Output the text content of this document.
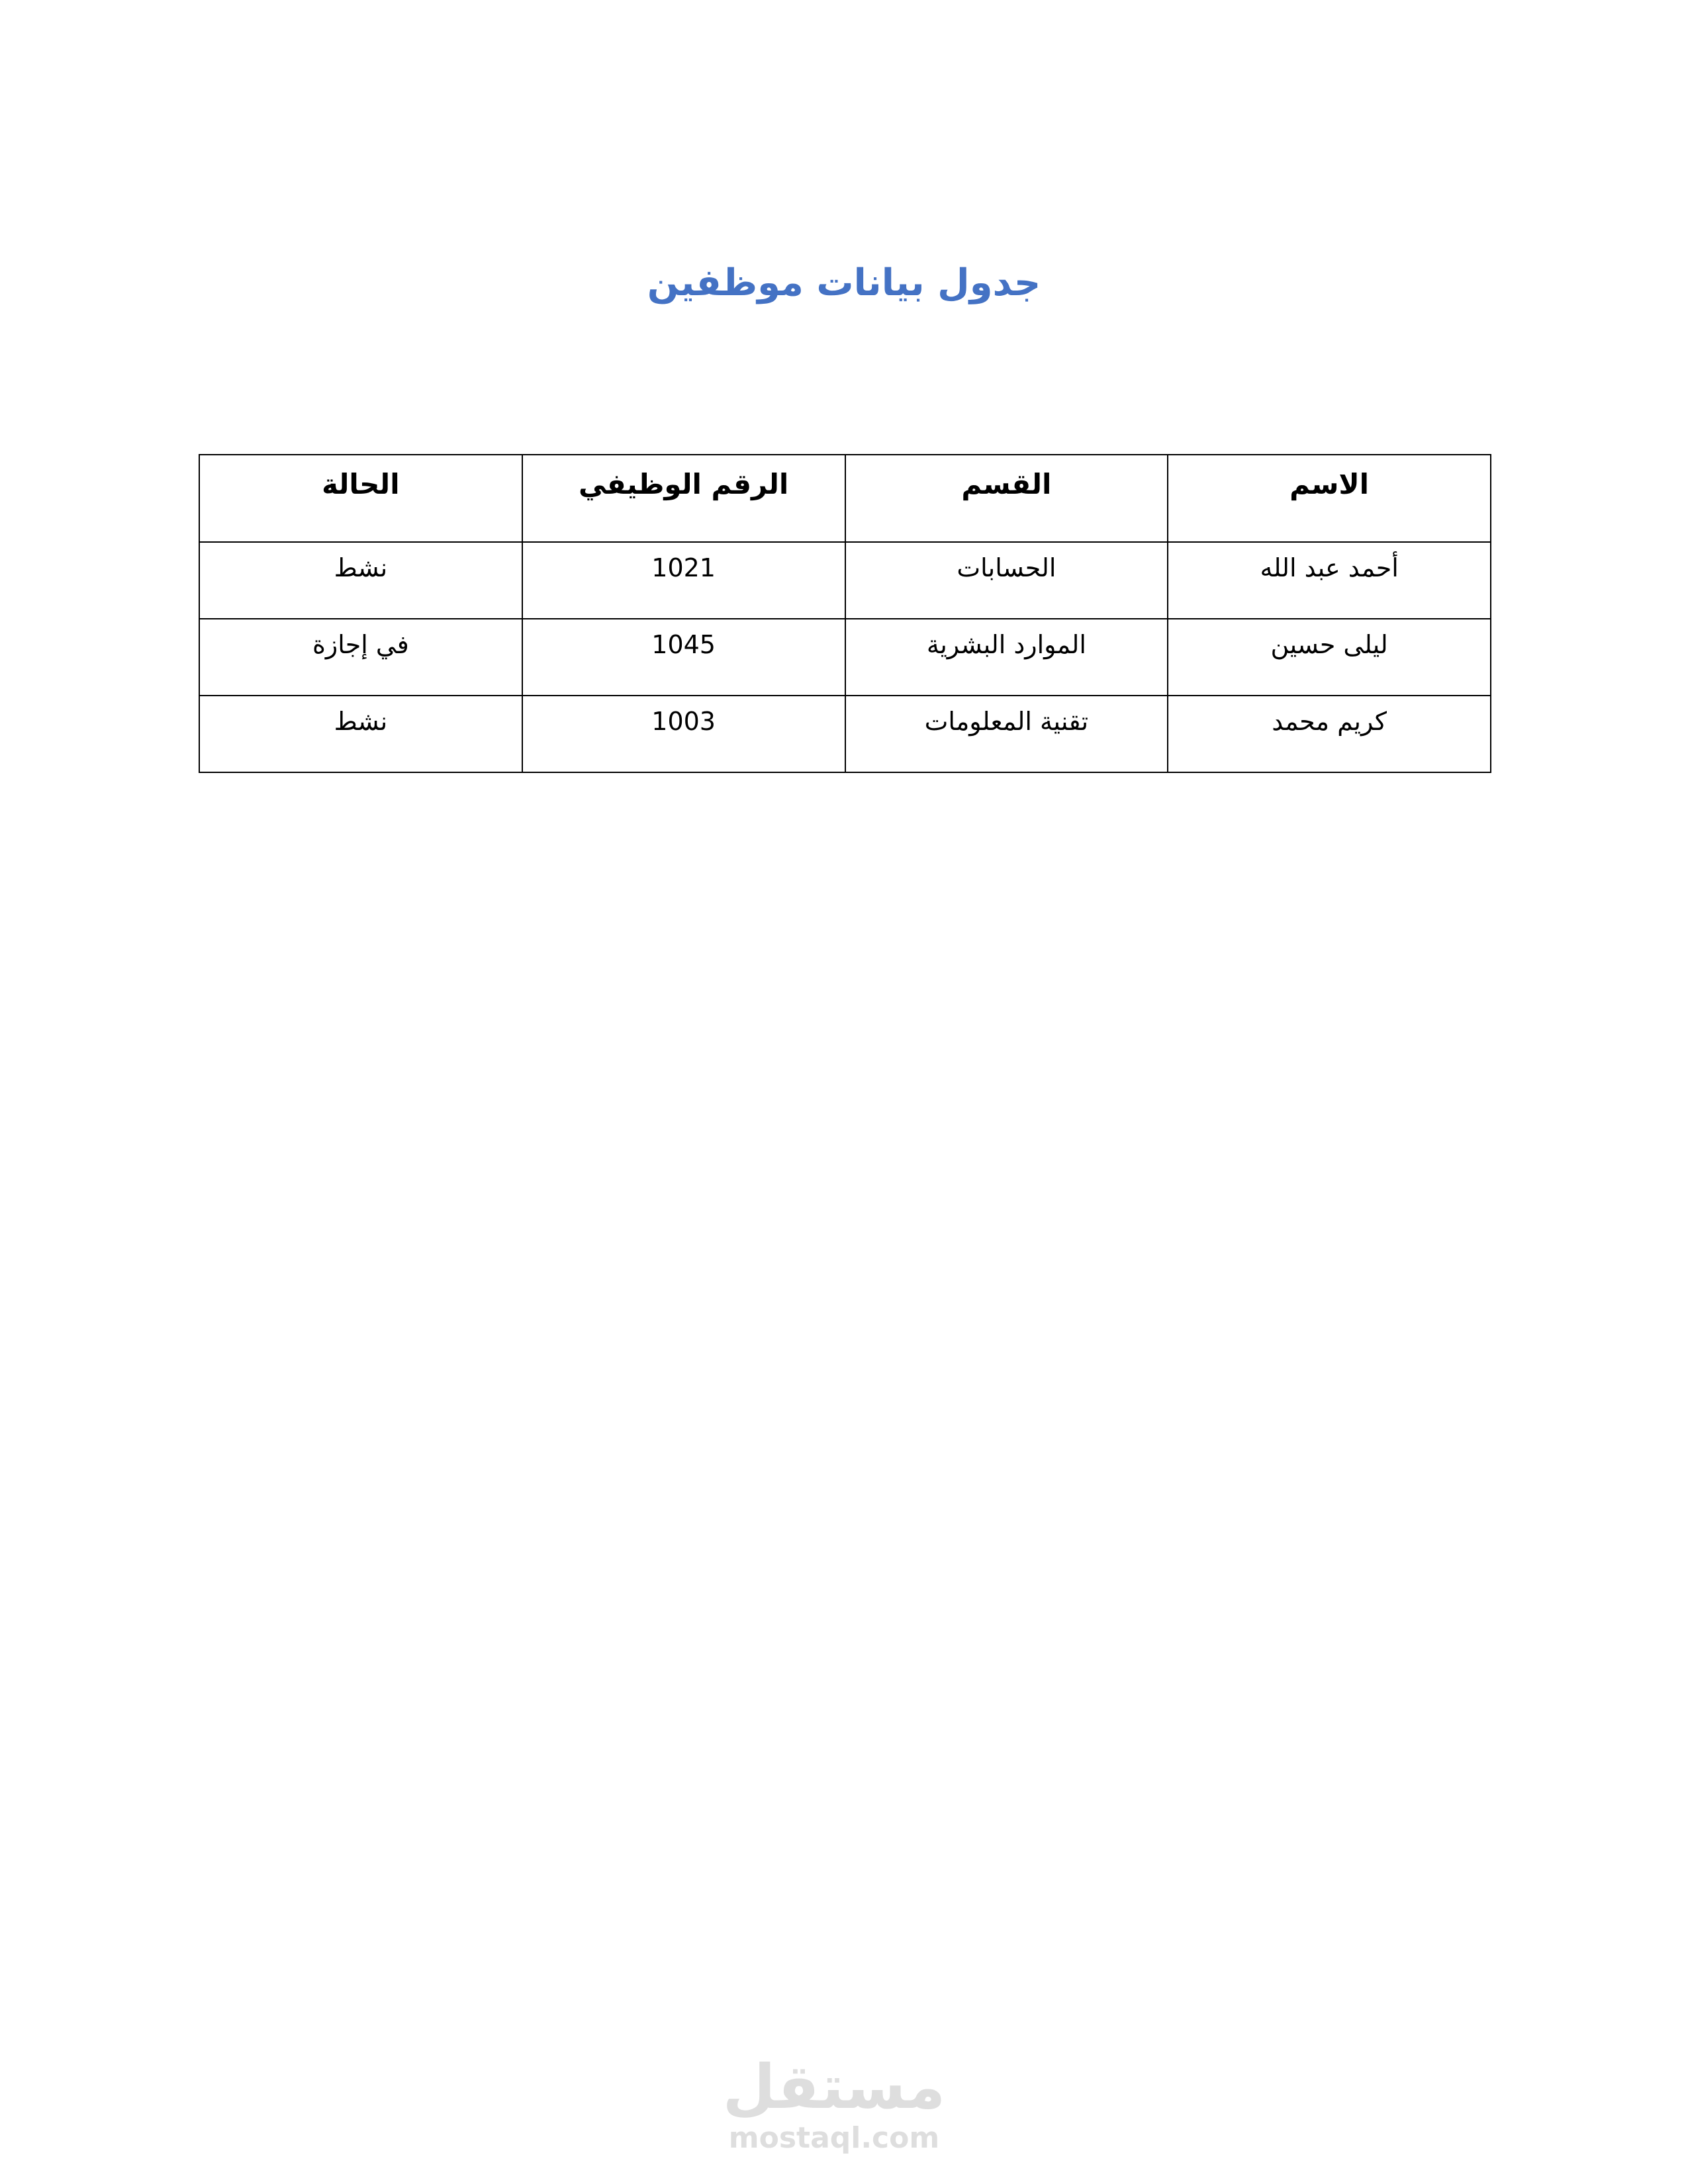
جدول بيانات موظفين
الاسم	القسم	الرقم الوظيفي	الحالة
أحمد عبد الله	الحسابات	1021	نشط
ليلى حسين	الموارد البشرية	1045	في إجازة
كريم محمد	تقنية المعلومات	1003	نشط
مستقل
mostaql.com
